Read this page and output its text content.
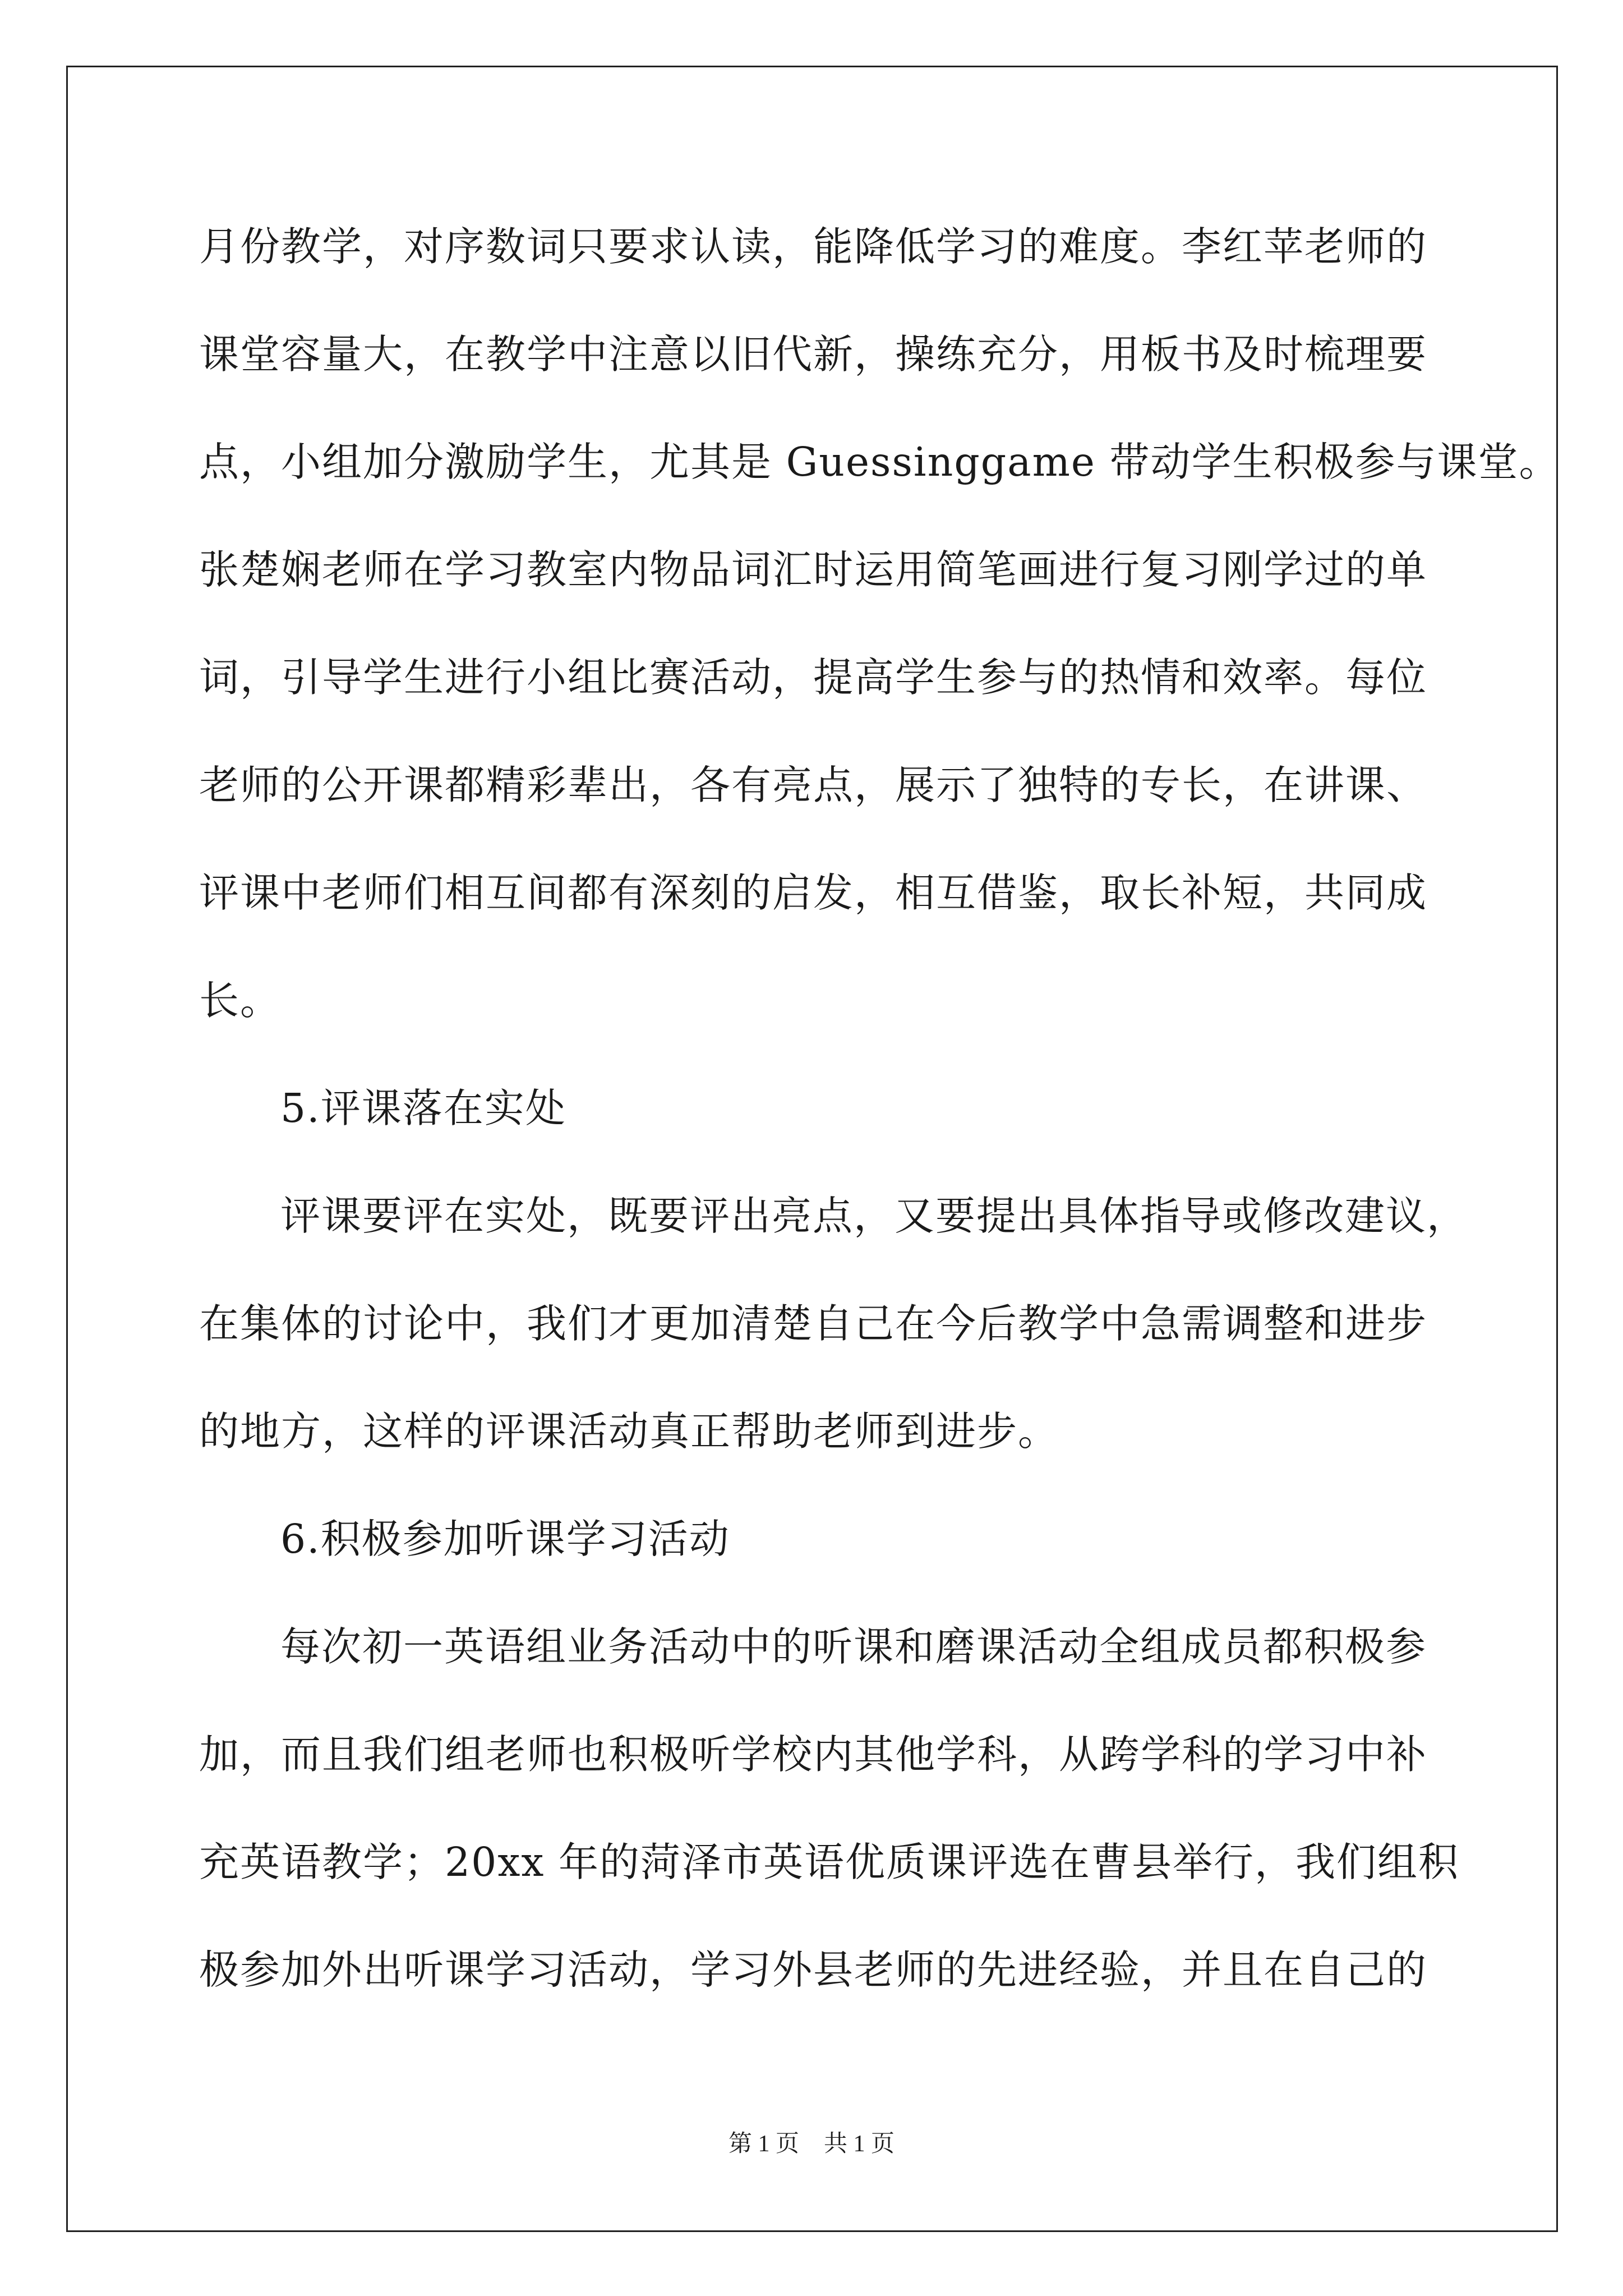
月份教学，对序数词只要求认读，能降低学习的难度。李红苹老师的
课堂容量大，在教学中注意以旧代新，操练充分，用板书及时梳理要
点，小组加分激励学生，尤其是 Guessinggame 带动学生积极参与课堂。
张楚娴老师在学习教室内物品词汇时运用简笔画进行复习刚学过的单
词，引导学生进行小组比赛活动，提高学生参与的热情和效率。每位
老师的公开课都精彩辈出，各有亮点，展示了独特的专长，在讲课、
评课中老师们相互间都有深刻的启发，相互借鉴，取长补短，共同成
长。
5.评课落在实处
评课要评在实处，既要评出亮点，又要提出具体指导或修改建议，
在集体的讨论中，我们才更加清楚自己在今后教学中急需调整和进步
的地方，这样的评课活动真正帮助老师到进步。
6.积极参加听课学习活动
每次初一英语组业务活动中的听课和磨课活动全组成员都积极参
加，而且我们组老师也积极听学校内其他学科，从跨学科的学习中补
充英语教学；20xx 年的菏泽市英语优质课评选在曹县举行，我们组积
极参加外出听课学习活动，学习外县老师的先进经验，并且在自己的
第 1 页 共 1 页
